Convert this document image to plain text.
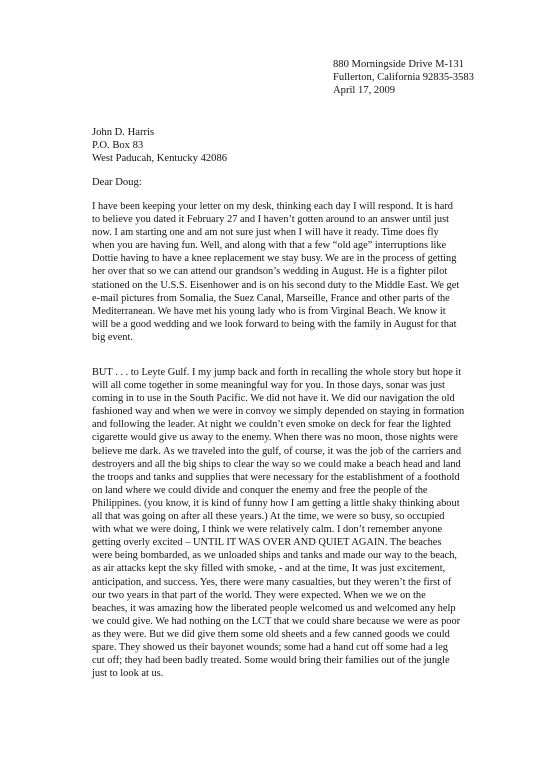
880 Morningside Drive M-131
Fullerton, California 92835-3583
April 17, 2009
John D. Harris
P.O. Box 83
West Paducah, Kentucky 42086
Dear Doug:
I have been keeping your letter on my desk, thinking each day I will respond. It is hard
to believe you dated it February 27 and I haven’t gotten around to an answer until just
now. I am starting one and am not sure just when I will have it ready. Time does fly
when you are having fun. Well, and along with that a few “old age” interruptions like
Dottie having to have a knee replacement we stay busy. We are in the process of getting
her over that so we can attend our grandson’s wedding in August. He is a fighter pilot
stationed on the U.S.S. Eisenhower and is on his second duty to the Middle East. We get
e-mail pictures from Somalia, the Suez Canal, Marseille, France and other parts of the
Mediterranean. We have met his young lady who is from Virginal Beach. We know it
will be a good wedding and we look forward to being with the family in August for that
big event.
BUT . . . to Leyte Gulf. I my jump back and forth in recalling the whole story but hope it
will all come together in some meaningful way for you. In those days, sonar was just
coming in to use in the South Pacific. We did not have it. We did our navigation the old
fashioned way and when we were in convoy we simply depended on staying in formation
and following the leader. At night we couldn’t even smoke on deck for fear the lighted
cigarette would give us away to the enemy. When there was no moon, those nights were
believe me dark. As we traveled into the gulf, of course, it was the job of the carriers and
destroyers and all the big ships to clear the way so we could make a beach head and land
the troops and tanks and supplies that were necessary for the establishment of a foothold
on land where we could divide and conquer the enemy and free the people of the
Philippines. (you know, it is kind of funny how I am getting a little shaky thinking about
all that was going on after all these years.) At the time, we were so busy, so occupied
with what we were doing, I think we were relatively calm. I don’t remember anyone
getting overly excited – UNTIL IT WAS OVER AND QUIET AGAIN. The beaches
were being bombarded, as we unloaded ships and tanks and made our way to the beach,
as air attacks kept the sky filled with smoke, - and at the time, It was just excitement,
anticipation, and success. Yes, there were many casualties, but they weren’t the first of
our two years in that part of the world. They were expected. When we we on the
beaches, it was amazing how the liberated people welcomed us and welcomed any help
we could give. We had nothing on the LCT that we could share because we were as poor
as they were. But we did give them some old sheets and a few canned goods we could
spare. They showed us their bayonet wounds; some had a hand cut off some had a leg
cut off; they had been badly treated. Some would bring their families out of the jungle
just to look at us.
